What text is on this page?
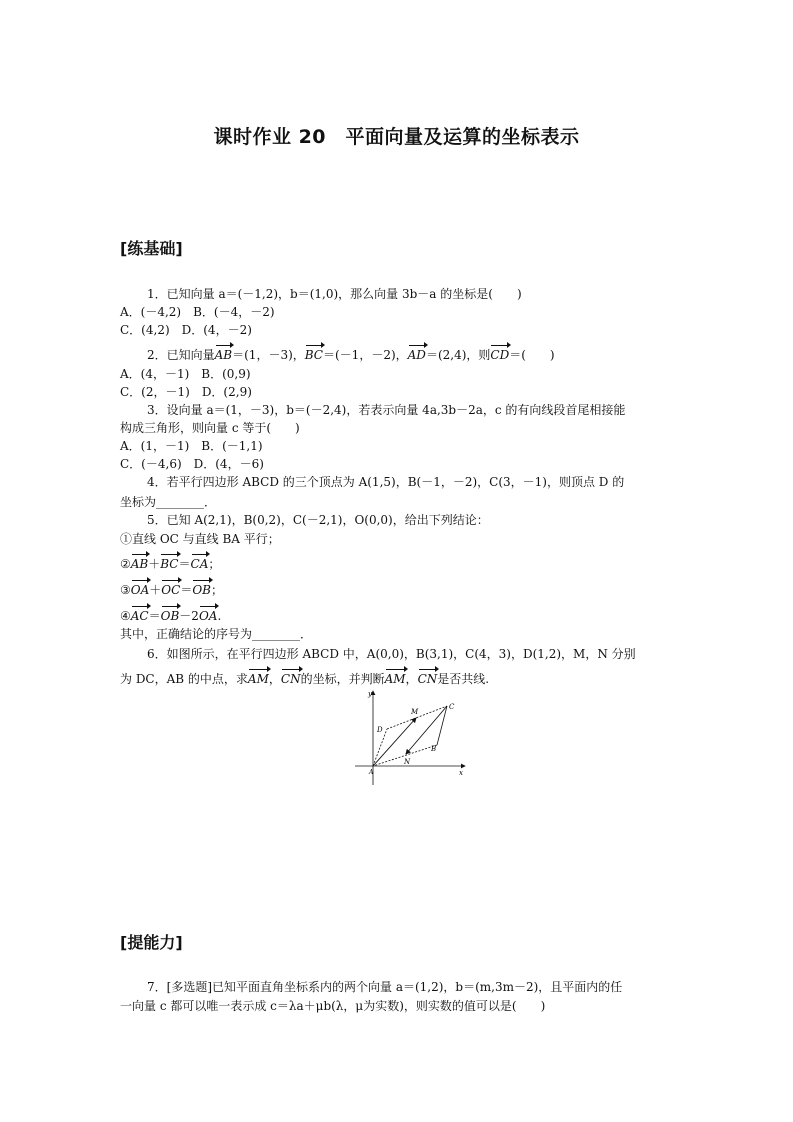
课时作业 20　平面向量及运算的坐标表示
[练基础]
1．已知向量 a＝(－1,2)，b＝(1,0)，那么向量 3b－a 的坐标是(　　)
A．(－4,2)　B．(－4，－2)
C．(4,2)　D．(4，－2)
2．已知向量AB＝(1，－3)，BC＝(－1，－2)，AD＝(2,4)，则CD＝(　　)
A．(4，－1)　B．(0,9)
C．(2，－1)　D．(2,9)
3．设向量 a＝(1，－3)，b＝(－2,4)，若表示向量 4a,3b－2a，c 的有向线段首尾相接能
构成三角形，则向量 c 等于(　　)
A．(1，－1)　B．(－1,1)
C．(－4,6)　D．(4，－6)
4．若平行四边形 ABCD 的三个顶点为 A(1,5)，B(－1，－2)，C(3，－1)，则顶点 D 的
坐标为________．
5．已知 A(2,1)，B(0,2)，C(－2,1)，O(0,0)，给出下列结论：
①直线 OC 与直线 BA 平行；
②AB＋BC＝CA；
③OA＋OC＝OB；
④AC＝OB－2OA.
其中，正确结论的序号为________．
6．如图所示，在平行四边形 ABCD 中，A(0,0)，B(3,1)，C(4，3)，D(1,2)，M，N 分别
为 DC，AB 的中点，求AM，CN的坐标，并判断AM，CN是否共线.
y
x
A
B
C
D
M
N
[提能力]
7．[多选题]已知平面直角坐标系内的两个向量 a＝(1,2)，b＝(m,3m－2)，且平面内的任
一向量 c 都可以唯一表示成 c＝λa＋μb(λ，μ为实数)，则实数的值可以是(　　)
